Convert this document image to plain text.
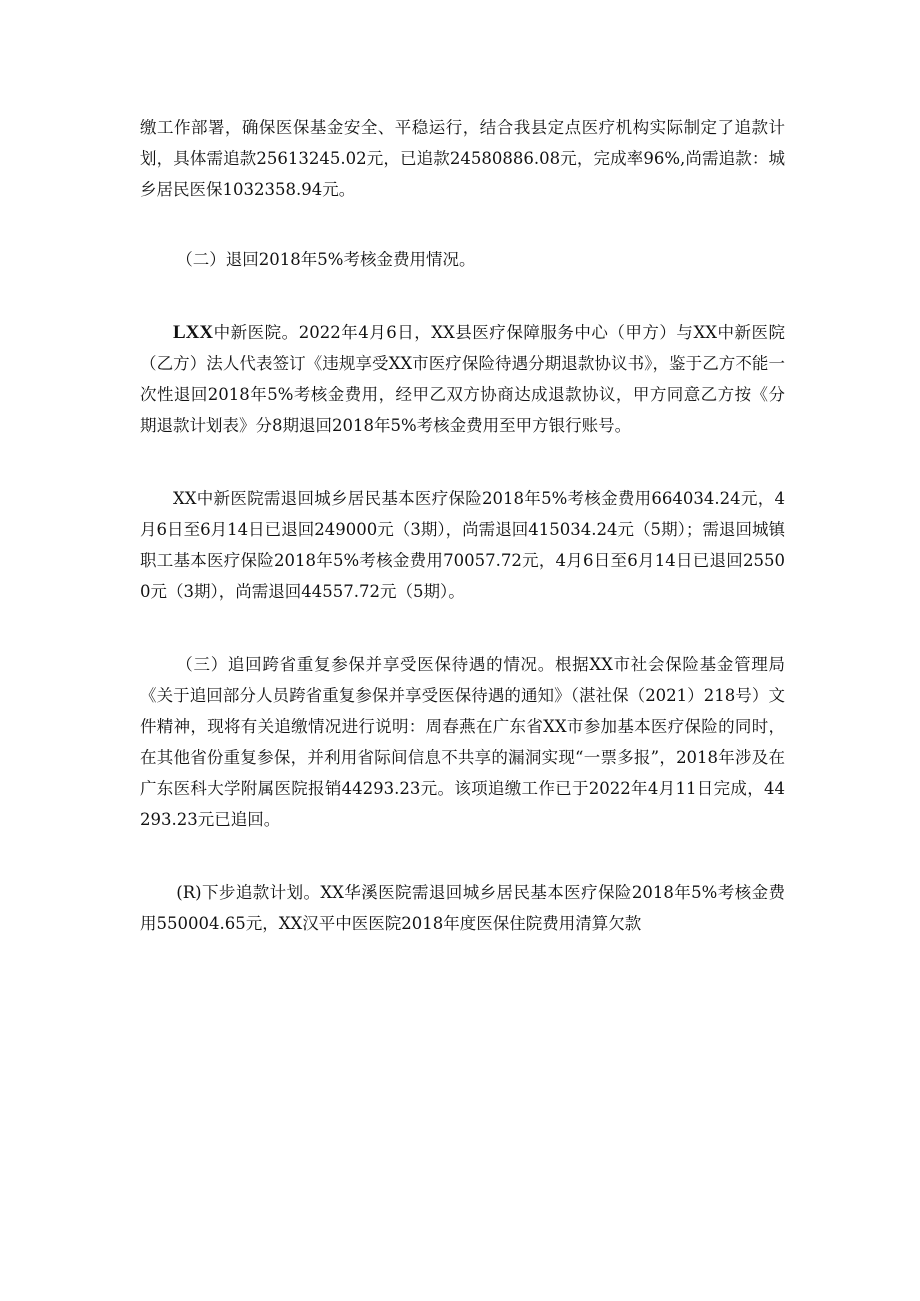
缴工作部署，确保医保基金安全、平稳运行，结合我县定点医疗机构实际制定了追款计划，具体需追款25613245.02元，已追款24580886.08元，完成率96%,尚需追款：城乡居民医保1032358.94元。

（二）退回2018年5%考核金费用情况。

LXX中新医院。2022年4月6日，XX县医疗保障服务中心（甲方）与XX中新医院（乙方）法人代表签订《违规享受XX市医疗保险待遇分期退款协议书》，鉴于乙方不能一次性退回2018年5%考核金费用，经甲乙双方协商达成退款协议，甲方同意乙方按《分期退款计划表》分8期退回2018年5%考核金费用至甲方银行账号。

XX中新医院需退回城乡居民基本医疗保险2018年5%考核金费用664034.24元，4月6日至6月14日已退回249000元（3期），尚需退回415034.24元（5期）；需退回城镇职工基本医疗保险2018年5%考核金费用70057.72元，4月6日至6月14日已退回25500元（3期），尚需退回44557.72元（5期）。

（三）追回跨省重复参保并享受医保待遇的情况。根据XX市社会保险基金管理局《关于追回部分人员跨省重复参保并享受医保待遇的通知》（湛社保（2021）218号）文件精神，现将有关追缴情况进行说明：周春燕在广东省XX市参加基本医疗保险的同时，在其他省份重复参保，并利用省际间信息不共享的漏洞实现“一票多报”，2018年涉及在广东医科大学附属医院报销44293.23元。该项追缴工作已于2022年4月11日完成，44293.23元已追回。

(R)下步追款计划。XX华溪医院需退回城乡居民基本医疗保险2018年5%考核金费用550004.65元，XX汉平中医医院2018年度医保住院费用清算欠款
